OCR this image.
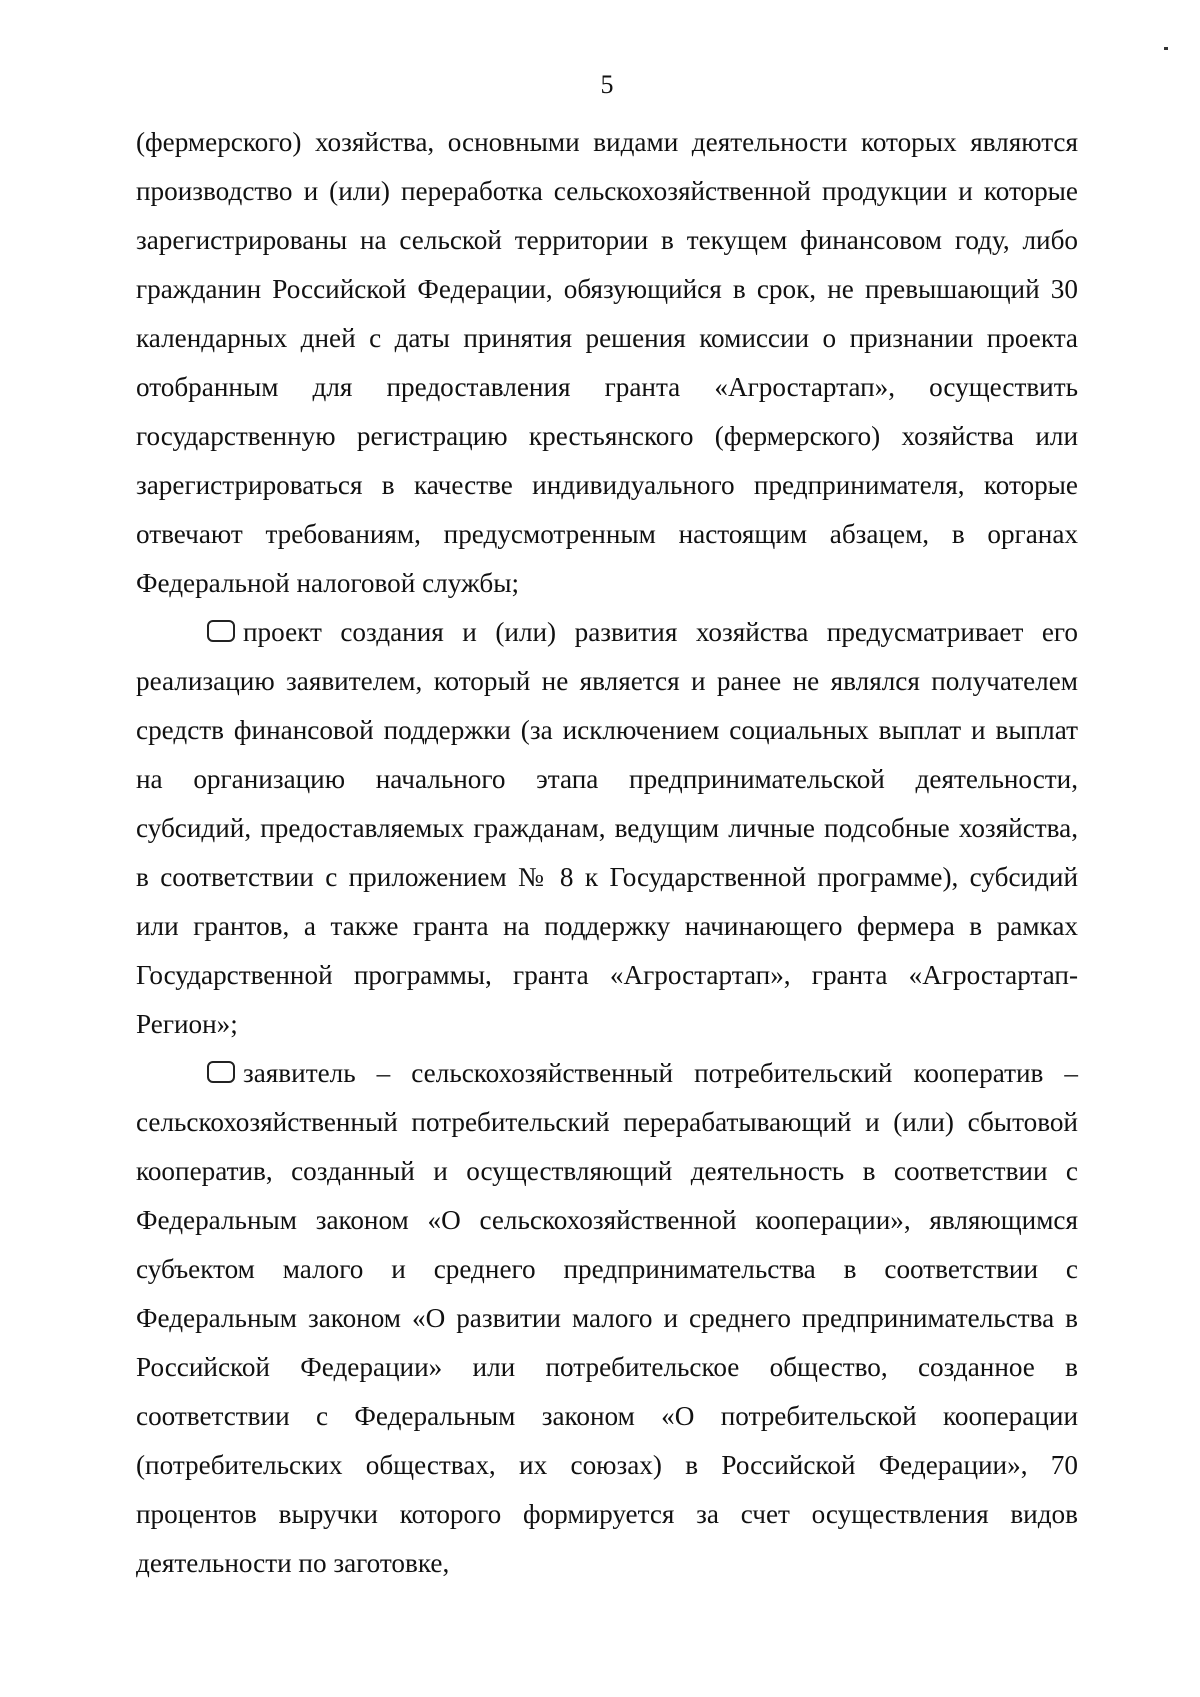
5

(фермерского) хозяйства, основными видами деятельности которых являются производство и (или) переработка сельскохозяйственной продукции и которые зарегистрированы на сельской территории в текущем финансовом году, либо гражданин Российской Федерации, обязующийся в срок, не превышающий 30 календарных дней с даты принятия решения комиссии о признании проекта отобранным для предоставления гранта «Агростартап», осуществить государственную регистрацию крестьянского (фермерского) хозяйства или зарегистрироваться в качестве индивидуального предпринимателя, которые отвечают требованиям, предусмотренным настоящим абзацем, в органах Федеральной налоговой службы;

проект создания и (или) развития хозяйства предусматривает его реализацию заявителем, который не является и ранее не являлся получателем средств финансовой поддержки (за исключением социальных выплат и выплат на организацию начального этапа предпринимательской деятельности, субсидий, предоставляемых гражданам, ведущим личные подсобные хозяйства, в соответствии с приложением № 8 к Государственной программе), субсидий или грантов, а также гранта на поддержку начинающего фермера в рамках Государственной программы, гранта «Агростартап», гранта «Агростартап-Регион»;

заявитель – сельскохозяйственный потребительский кооператив – сельскохозяйственный потребительский перерабатывающий и (или) сбытовой кооператив, созданный и осуществляющий деятельность в соответствии с Федеральным законом «О сельскохозяйственной кооперации», являющимся субъектом малого и среднего предпринимательства в соответствии с Федеральным законом «О развитии малого и среднего предпринимательства в Российской Федерации» или потребительское общество, созданное в соответствии с Федеральным законом «О потребительской кооперации (потребительских обществах, их союзах) в Российской Федерации», 70 процентов выручки которого формируется за счет осуществления видов деятельности по заготовке,
